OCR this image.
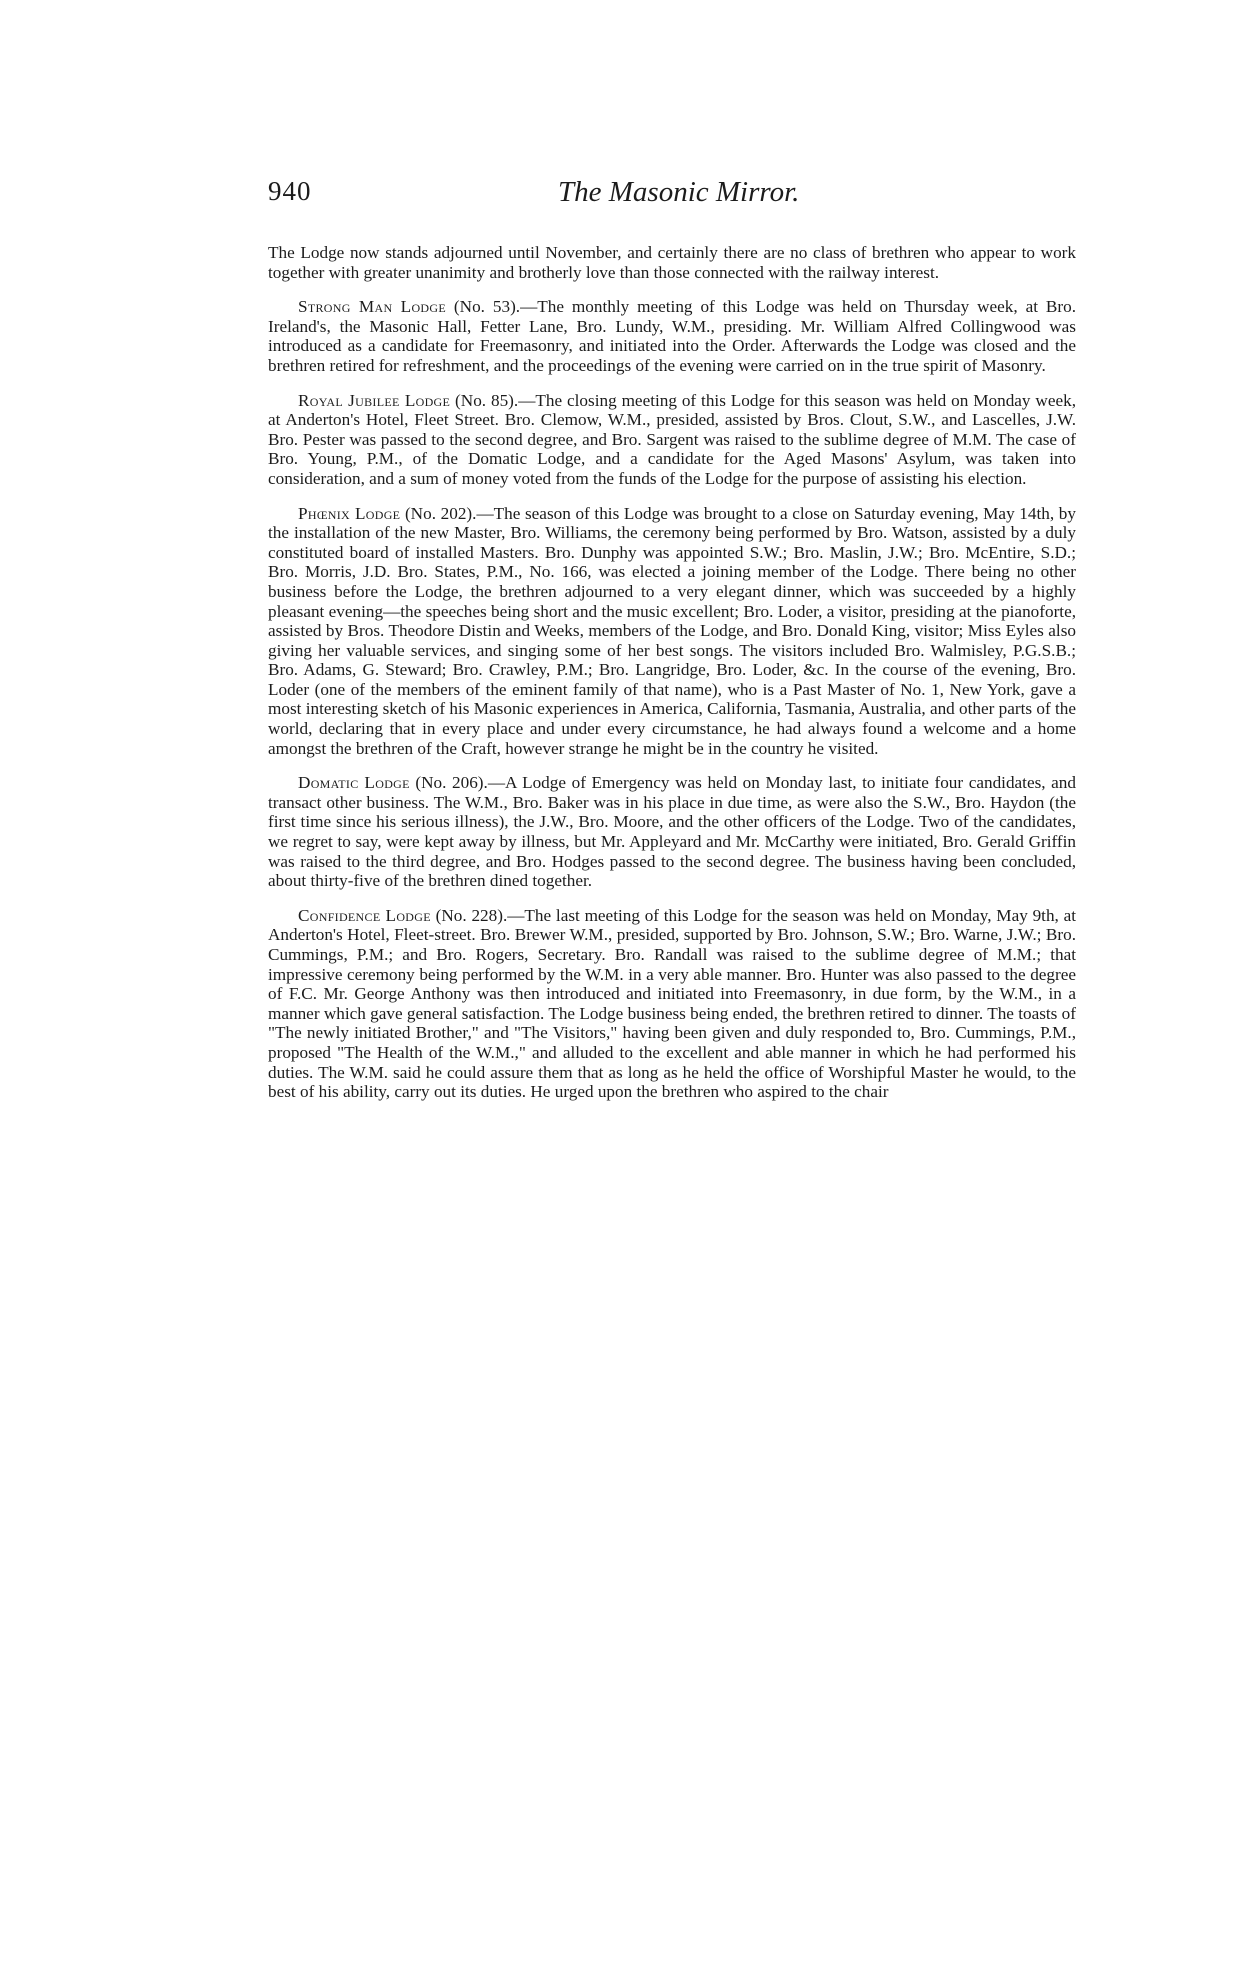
940	The Masonic Mirror.

The Lodge now stands adjourned until November, and certainly there are no class of brethren who appear to work together with greater unanimity and brotherly love than those connected with the railway interest.

Strong Man Lodge (No. 53).—The monthly meeting of this Lodge was held on Thursday week, at Bro. Ireland's, the Masonic Hall, Fetter Lane, Bro. Lundy, W.M., presiding. Mr. William Alfred Collingwood was introduced as a candidate for Freemasonry, and initiated into the Order. Afterwards the Lodge was closed and the brethren retired for refreshment, and the proceedings of the evening were carried on in the true spirit of Masonry.

Royal Jubilee Lodge (No. 85).—The closing meeting of this Lodge for this season was held on Monday week, at Anderton's Hotel, Fleet Street. Bro. Clemow, W.M., presided, assisted by Bros. Clout, S.W., and Lascelles, J.W. Bro. Pester was passed to the second degree, and Bro. Sargent was raised to the sublime degree of M.M. The case of Bro. Young, P.M., of the Domatic Lodge, and a candidate for the Aged Masons' Asylum, was taken into consideration, and a sum of money voted from the funds of the Lodge for the purpose of assisting his election.

Phœnix Lodge (No. 202).—The season of this Lodge was brought to a close on Saturday evening, May 14th, by the installation of the new Master, Bro. Williams, the ceremony being performed by Bro. Watson, assisted by a duly constituted board of installed Masters. Bro. Dunphy was appointed S.W.; Bro. Maslin, J.W.; Bro. McEntire, S.D.; Bro. Morris, J.D. Bro. States, P.M., No. 166, was elected a joining member of the Lodge. There being no other business before the Lodge, the brethren adjourned to a very elegant dinner, which was succeeded by a highly pleasant evening—the speeches being short and the music excellent; Bro. Loder, a visitor, presiding at the pianoforte, assisted by Bros. Theodore Distin and Weeks, members of the Lodge, and Bro. Donald King, visitor; Miss Eyles also giving her valuable services, and singing some of her best songs. The visitors included Bro. Walmisley, P.G.S.B.; Bro. Adams, G. Steward; Bro. Crawley, P.M.; Bro. Langridge, Bro. Loder, &c. In the course of the evening, Bro. Loder (one of the members of the eminent family of that name), who is a Past Master of No. 1, New York, gave a most interesting sketch of his Masonic experiences in America, California, Tasmania, Australia, and other parts of the world, declaring that in every place and under every circumstance, he had always found a welcome and a home amongst the brethren of the Craft, however strange he might be in the country he visited.

Domatic Lodge (No. 206).—A Lodge of Emergency was held on Monday last, to initiate four candidates, and transact other business. The W.M., Bro. Baker was in his place in due time, as were also the S.W., Bro. Haydon (the first time since his serious illness), the J.W., Bro. Moore, and the other officers of the Lodge. Two of the candidates, we regret to say, were kept away by illness, but Mr. Appleyard and Mr. McCarthy were initiated, Bro. Gerald Griffin was raised to the third degree, and Bro. Hodges passed to the second degree. The business having been concluded, about thirty-five of the brethren dined together.

Confidence Lodge (No. 228).—The last meeting of this Lodge for the season was held on Monday, May 9th, at Anderton's Hotel, Fleet-street. Bro. Brewer W.M., presided, supported by Bro. Johnson, S.W.; Bro. Warne, J.W.; Bro. Cummings, P.M.; and Bro. Rogers, Secretary. Bro. Randall was raised to the sublime degree of M.M.; that impressive ceremony being performed by the W.M. in a very able manner. Bro. Hunter was also passed to the degree of F.C. Mr. George Anthony was then introduced and initiated into Freemasonry, in due form, by the W.M., in a manner which gave general satisfaction. The Lodge business being ended, the brethren retired to dinner. The toasts of "The newly initiated Brother," and "The Visitors," having been given and duly responded to, Bro. Cummings, P.M., proposed "The Health of the W.M.," and alluded to the excellent and able manner in which he had performed his duties. The W.M. said he could assure them that as long as he held the office of Worshipful Master he would, to the best of his ability, carry out its duties. He urged upon the brethren who aspired to the chair
